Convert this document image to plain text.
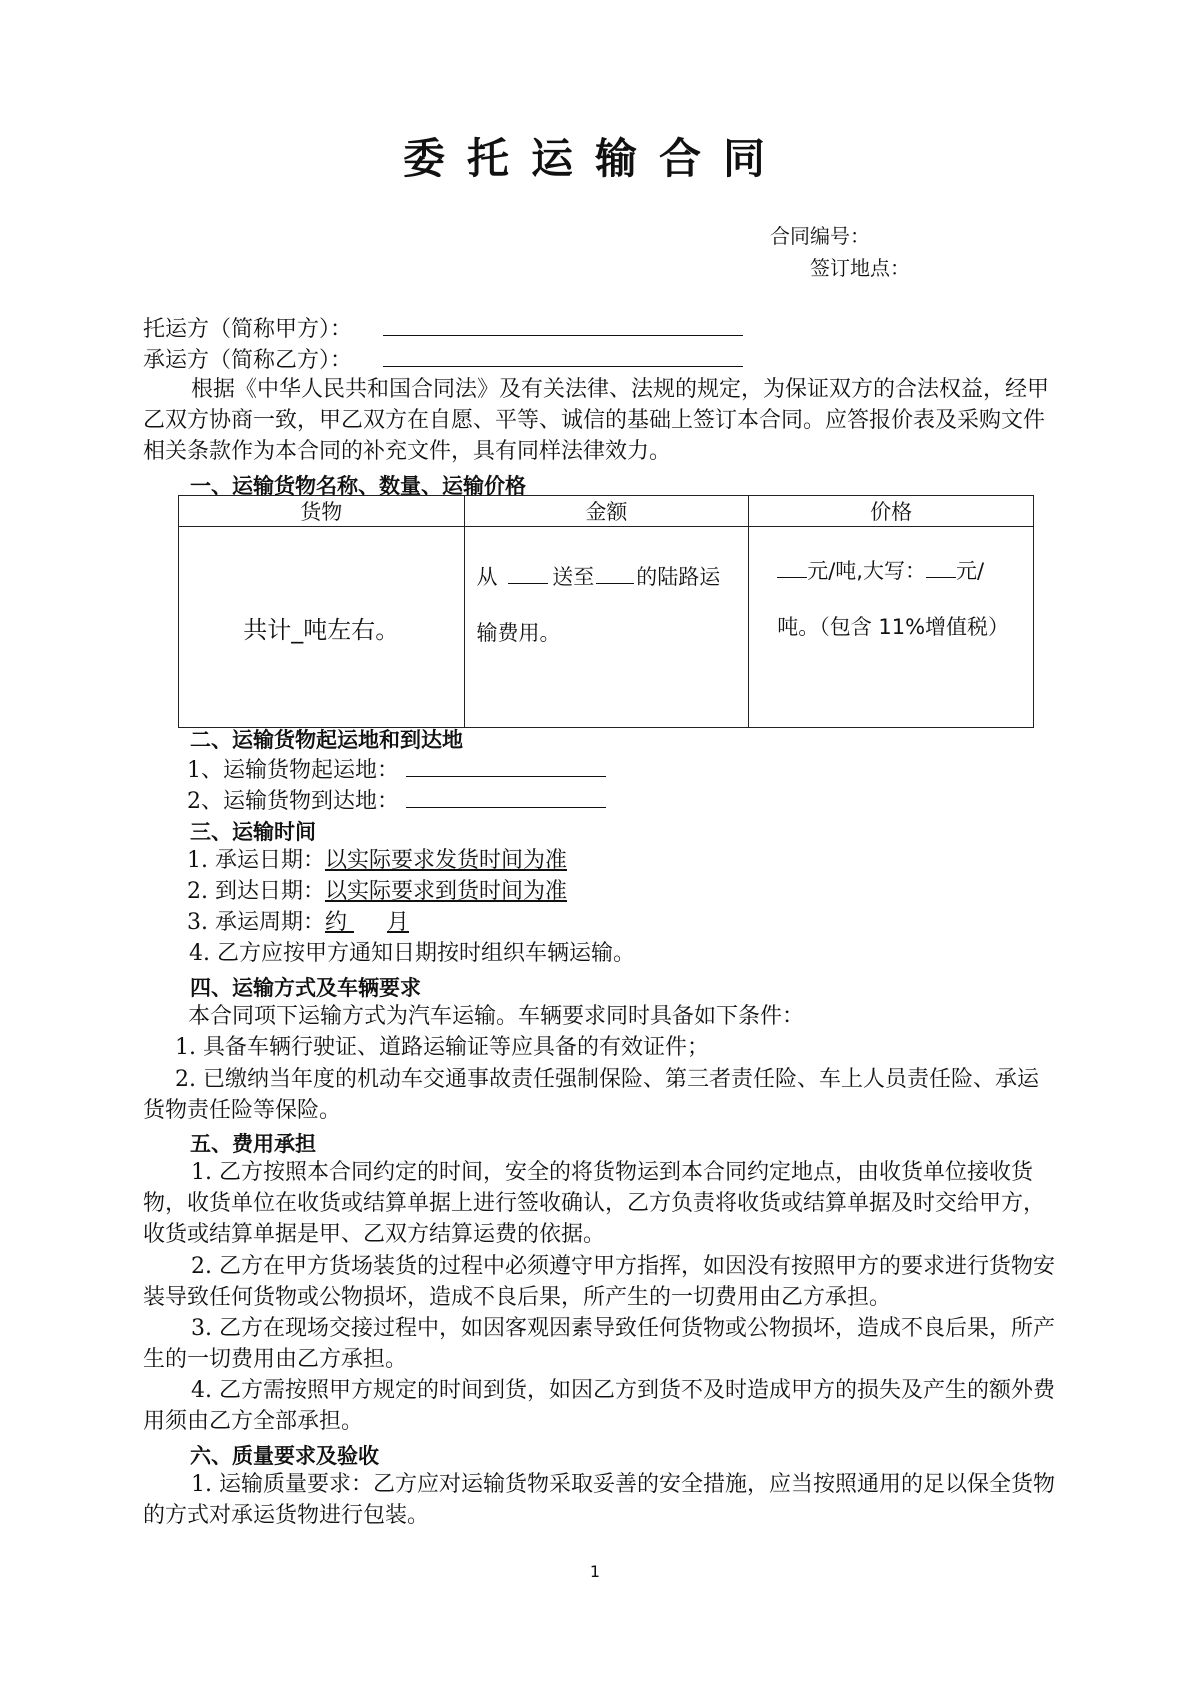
委托运输合同
合同编号：
签订地点：
托运方（简称甲方）：
承运方（简称乙方）：
根据《中华人民共和国合同法》及有关法律、法规的规定，为保证双方的合法权益，经甲乙双方协商一致，甲乙双方在自愿、平等、诚信的基础上签订本合同。应答报价表及采购文件相关条款作为本合同的补充文件，具有同样法律效力。
一、运输货物名称、数量、运输价格
货物	金额	价格
共计_吨左右。	从 送至 的陆路运输费用。	元/吨,大写： 元/吨。（包含 11%增值税）
二、运输货物起运地和到达地
1、运输货物起运地：
2、运输货物到达地：
三、运输时间
1. 承运日期：以实际要求发货时间为准
2. 到达日期：以实际要求到货时间为准
3. 承运周期：约 月
4. 乙方应按甲方通知日期按时组织车辆运输。
四、运输方式及车辆要求
本合同项下运输方式为汽车运输。车辆要求同时具备如下条件：
1. 具备车辆行驶证、道路运输证等应具备的有效证件；
2. 已缴纳当年度的机动车交通事故责任强制保险、第三者责任险、车上人员责任险、承运货物责任险等保险。
五、费用承担
1. 乙方按照本合同约定的时间，安全的将货物运到本合同约定地点，由收货单位接收货物，收货单位在收货或结算单据上进行签收确认，乙方负责将收货或结算单据及时交给甲方，收货或结算单据是甲、乙双方结算运费的依据。
2. 乙方在甲方货场装货的过程中必须遵守甲方指挥，如因没有按照甲方的要求进行货物安装导致任何货物或公物损坏，造成不良后果，所产生的一切费用由乙方承担。
3. 乙方在现场交接过程中，如因客观因素导致任何货物或公物损坏，造成不良后果，所产生的一切费用由乙方承担。
4. 乙方需按照甲方规定的时间到货，如因乙方到货不及时造成甲方的损失及产生的额外费用须由乙方全部承担。
六、质量要求及验收
1. 运输质量要求：乙方应对运输货物采取妥善的安全措施，应当按照通用的足以保全货物的方式对承运货物进行包装。
1
